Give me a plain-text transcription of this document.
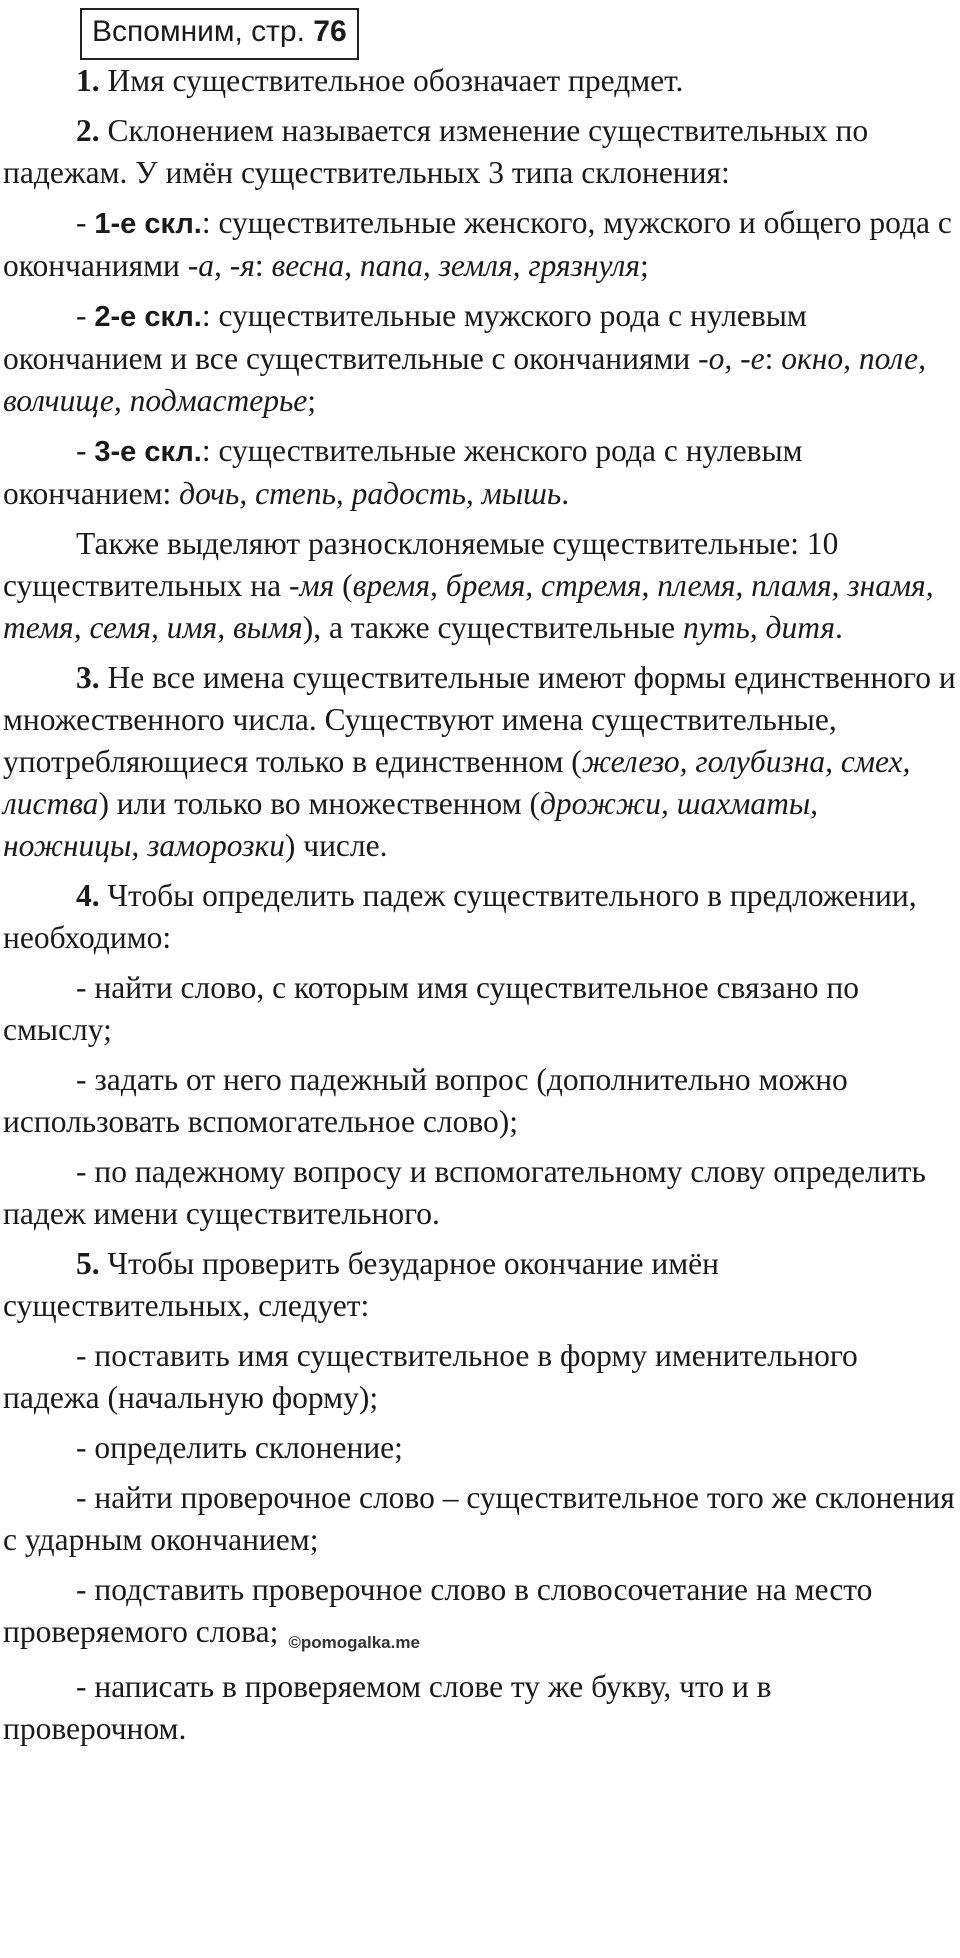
Вспомним, стр. 76

1. Имя существительное обозначает предмет.

2. Склонением называется изменение существительных по падежам. У имён существительных 3 типа склонения:

- 1-е скл.: существительные женского, мужского и общего рода с окончаниями -а, -я: весна, папа, земля, грязнуля;

- 2-е скл.: существительные мужского рода с нулевым окончанием и все существительные с окончаниями -о, -е: окно, поле, волчище, подмастерье;

- 3-е скл.: существительные женского рода с нулевым окончанием: дочь, степь, радость, мышь.

Также выделяют разносклоняемые существительные: 10 существительных на -мя (время, бремя, стремя, племя, пламя, знамя, темя, семя, имя, вымя), а также существительные путь, дитя.

3. Не все имена существительные имеют формы единственного и множественного числа. Существуют имена существительные, употребляющиеся только в единственном (железо, голубизна, смех, листва) или только во множественном (дрожжи, шахматы, ножницы, заморозки) числе.

4. Чтобы определить падеж существительного в предложении, необходимо:

- найти слово, с которым имя существительное связано по смыслу;

- задать от него падежный вопрос (дополнительно можно использовать вспомогательное слово);

- по падежному вопросу и вспомогательному слову определить падеж имени существительного.

5. Чтобы проверить безударное окончание имён существительных, следует:

- поставить имя существительное в форму именительного падежа (начальную форму);

- определить склонение;

- найти проверочное слово – существительное того же склонения с ударным окончанием;

- подставить проверочное слово в словосочетание на место проверяемого слова; ©pomogalka.me

- написать в проверяемом слове ту же букву, что и в проверочном.
